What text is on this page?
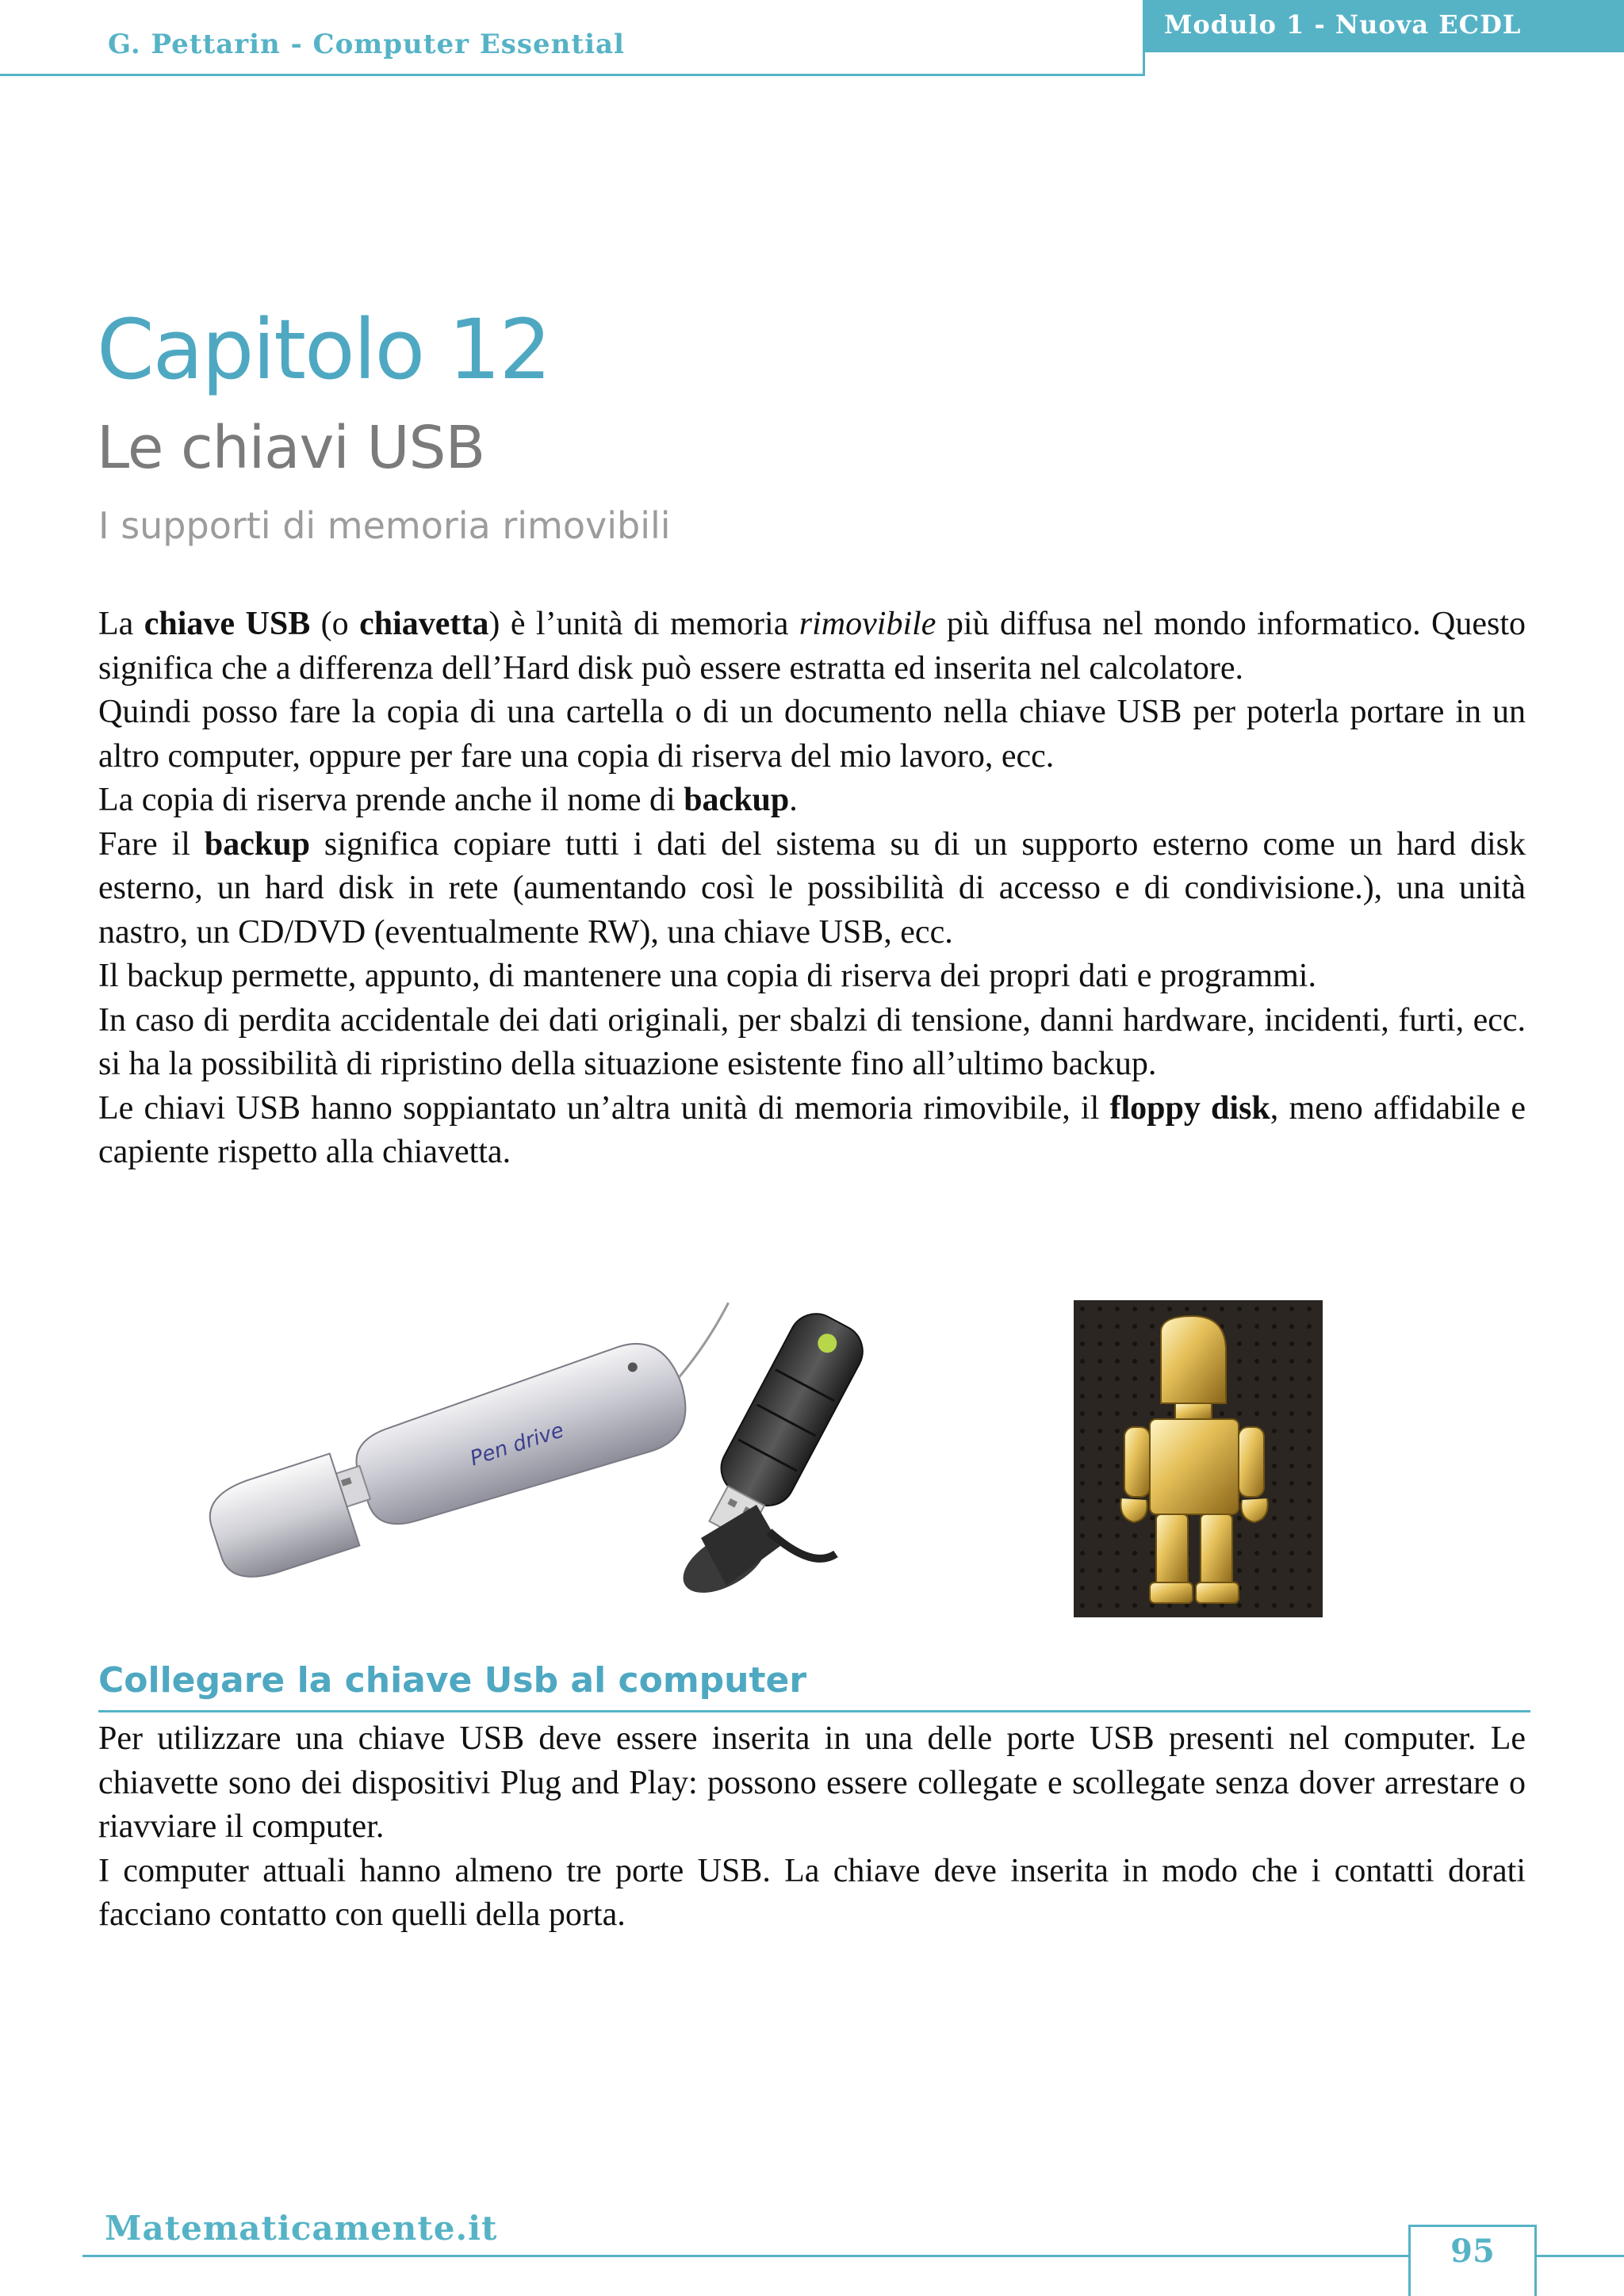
G. Pettarin - Computer Essential
Modulo 1 - Nuova ECDL
Capitolo 12
Le chiavi USB
I supporti di memoria rimovibili

La chiave USB (o chiavetta) è l’unità di memoria rimovibile più diffusa nel mondo informatico. Questo significa che a differenza dell’Hard disk può essere estratta ed inserita nel calcolatore.

Quindi posso fare la copia di una cartella o di un documento nella chiave USB per poterla portare in un altro computer, oppure per fare una copia di riserva del mio lavoro, ecc.

La copia di riserva prende anche il nome di backup.

Fare il backup significa copiare tutti i dati del sistema su di un supporto esterno come un hard disk esterno, un hard disk in rete (aumentando così le possibilità di accesso e di condivisione.), una unità nastro, un CD/DVD (eventualmente RW), una chiave USB, ecc.

Il backup permette, appunto, di mantenere una copia di riserva dei propri dati e programmi.

In caso di perdita accidentale dei dati originali, per sbalzi di tensione, danni hardware, incidenti, furti, ecc. si ha la possibilità di ripristino della situazione esistente fino all’ultimo backup.

Le chiavi USB hanno soppiantato un’altra unità di memoria rimovibile, il floppy disk, meno affidabile e capiente rispetto alla chiavetta.

Pen drive
Collegare la chiave Usb al computer

Per utilizzare una chiave USB deve essere inserita in una delle porte USB presenti nel computer. Le chiavette sono dei dispositivi Plug and Play: possono essere collegate e scollegate senza dover arrestare o riavviare il computer.

I computer attuali hanno almeno tre porte USB. La chiave deve inserita in modo che i contatti dorati facciano contatto con quelli della porta.

Matematicamente.it
95
